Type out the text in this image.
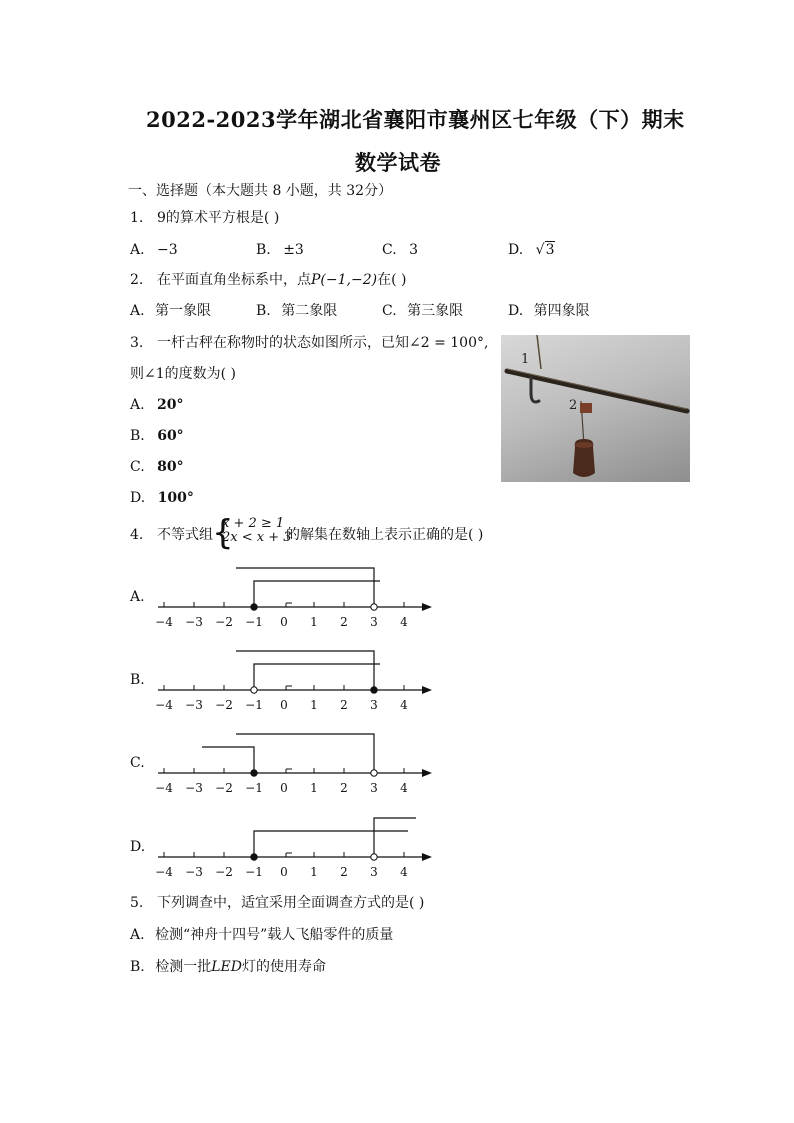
2022-2023学年湖北省襄阳市襄州区七年级（下）期末
数学试卷
一、选择题（本大题共 8 小题，共 32分）
1. 9的算术平方根是( )
A. −3	B. ±3	C. 3	D. √3
2. 在平面直角坐标系中，点P(−1,−2)在( )
A. 第一象限	B. 第二象限	C. 第三象限	D. 第四象限
3. 一杆古秤在称物时的状态如图所示，已知∠2 = 100°,
则∠1的度数为( )
A. 20°
B. 60°
C. 80°
D. 100°
1
2
4. 不等式组 {
x + 2 ≥ 1
2x < x + 3
的解集在数轴上表示正确的是( )
A.
B.
C.
D.
−4 −3 −2 −1 0 1 2 3 4
−4 −3 −2 −1 0 1 2 3 4
−4 −3 −2 −1 0 1 2 3 4
−4 −3 −2 −1 0 1 2 3 4
5. 下列调查中，适宜采用全面调查方式的是( )
A. 检测“神舟十四号”载人飞船零件的质量
B. 检测一批LED灯的使用寿命
